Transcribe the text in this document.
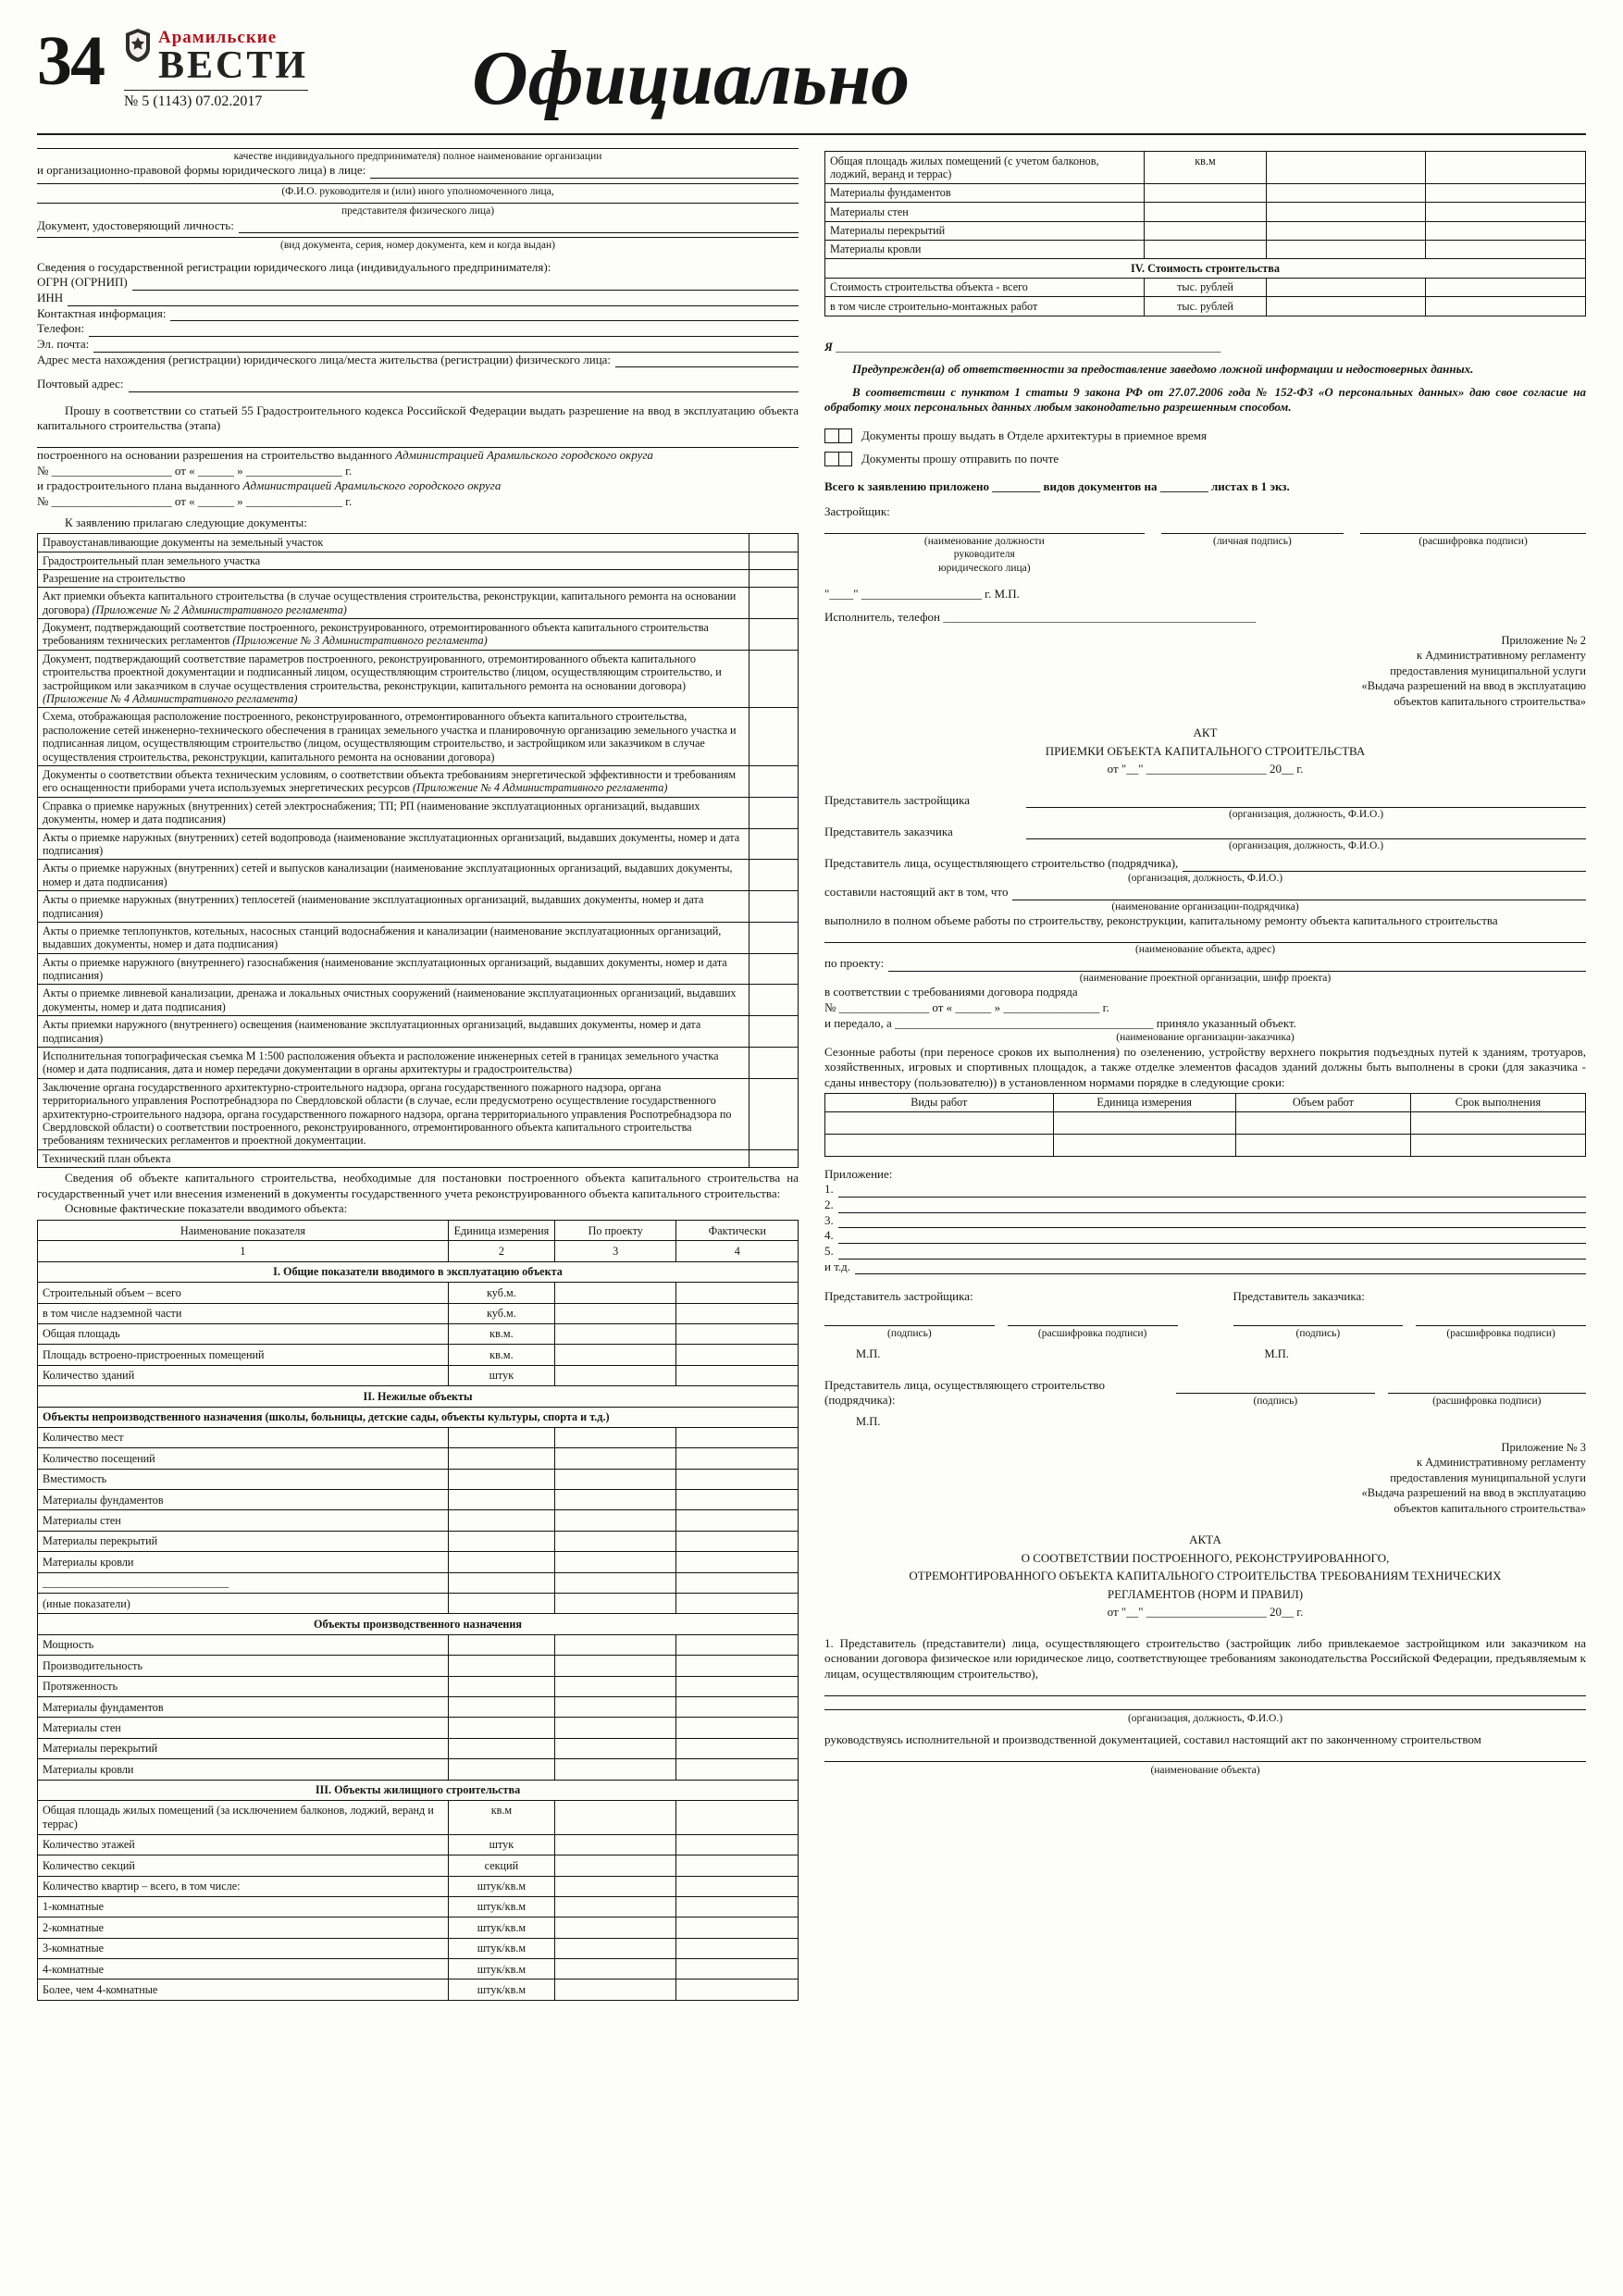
34	Арамильские
ВЕСТИ
№ 5 (1143) 07.02.2017	Официально
качестве индивидуального предпринимателя) полное наименование организации
и организационно-правовой формы юридического лица) в лице:
(Ф.И.О. руководителя и (или) иного уполномоченного лица,
представителя физического лица)
Документ, удостоверяющий личность:
(вид документа, серия, номер документа, кем и когда выдан)
Сведения о государственной регистрации юридического лица (индивидуального предпринимателя):
ОГРН (ОГРНИП)
ИНН
Контактная информация:
Телефон:
Эл. почта:
Адрес места нахождения (регистрации) юридического лица/места жительства (регистрации) физического лица:
Почтовый адрес:
Прошу в соответствии со статьей 55 Градостроительного кодекса Российской Федерации выдать разрешение на ввод в эксплуатацию объекта капитального строительства (этапа)
построенного на основании разрешения на строительство выданного Администрацией Арамильского городского округа
№ ____________________ от « ______ » ________________ г.
и градостроительного плана выданного Администрацией Арамильского городского округа
№ ____________________ от « ______ » ________________ г.
К заявлению прилагаю следующие документы:
Правоустанавливающие документы на земельный участок	
Градостроительный план земельного участка	
Разрешение на строительство	
Акт приемки объекта капитального строительства (в случае осуществления строительства, реконструкции, капитального ремонта на основании договора) (Приложение № 2 Административного регламента)	
Документ, подтверждающий соответствие построенного, реконструированного, отремонтированного объекта капитального строительства требованиям технических регламентов (Приложение № 3 Административного регламента)	
Документ, подтверждающий соответствие параметров построенного, реконструированного, отремонтированного объекта капитального строительства проектной документации и подписанный лицом, осуществляющим строительство (лицом, осуществляющим строительство, и застройщиком или заказчиком в случае осуществления строительства, реконструкции, капитального ремонта на основании договора) (Приложение № 4 Административного регламента)	
Схема, отображающая расположение построенного, реконструированного, отремонтированного объекта капитального строительства, расположение сетей инженерно-технического обеспечения в границах земельного участка и планировочную организацию земельного участка и подписанная лицом, осуществляющим строительство (лицом, осуществляющим строительство, и застройщиком или заказчиком в случае осуществления строительства, реконструкции, капитального ремонта на основании договора)	
Документы о соответствии объекта техническим условиям, о соответствии объекта требованиям энергетической эффективности и требованиям его оснащенности приборами учета используемых энергетических ресурсов (Приложение № 4 Административного регламента)	
Справка о приемке наружных (внутренних) сетей электроснабжения; ТП; РП (наименование эксплуатационных организаций, выдавших документы, номер и дата подписания)	
Акты о приемке наружных (внутренних) сетей водопровода (наименование эксплуатационных организаций, выдавших документы, номер и дата подписания)	
Акты о приемке наружных (внутренних) сетей и выпусков канализации (наименование эксплуатационных организаций, выдавших документы, номер и дата подписания)	
Акты о приемке наружных (внутренних) теплосетей (наименование эксплуатационных организаций, выдавших документы, номер и дата подписания)	
Акты о приемке теплопунктов, котельных, насосных станций водоснабжения и канализации (наименование эксплуатационных организаций, выдавших документы, номер и дата подписания)	
Акты о приемке наружного (внутреннего) газоснабжения (наименование эксплуатационных организаций, выдавших документы, номер и дата подписания)	
Акты о приемке ливневой канализации, дренажа и локальных очистных сооружений (наименование эксплуатационных организаций, выдавших документы, номер и дата подписания)	
Акты приемки наружного (внутреннего) освещения (наименование эксплуатационных организаций, выдавших документы, номер и дата подписания)	
Исполнительная топографическая съемка М 1:500 расположения объекта и расположение инженерных сетей в границах земельного участка (номер и дата подписания, дата и номер передачи документации в органы архитектуры и градостроительства)	
Заключение органа государственного архитектурно-строительного надзора, органа государственного пожарного надзора, органа территориального управления Роспотребнадзора по Свердловской области (в случае, если предусмотрено осуществление государственного архитектурно-строительного надзора, органа государственного пожарного надзора, органа территориального управления Роспотребнадзора по Свердловской области) о соответствии построенного, реконструированного, отремонтированного объекта капитального строительства требованиям технических регламентов и проектной документации.	
Технический план объекта	
Сведения об объекте капитального строительства, необходимые для постановки построенного объекта капитального строительства на государственный учет или внесения изменений в документы государственного учета реконструированного объекта капитального строительства:
Основные фактические показатели вводимого объекта:
Наименование показателя	Единица измерения	По проекту	Фактически
1	2	3	4
I. Общие показатели вводимого в эксплуатацию объекта			
Строительный объем – всего	куб.м.		
в том числе надземной части	куб.м.		
Общая площадь	кв.м.		
Площадь встроено-пристроенных помещений	кв.м.		
Количество зданий	штук		
II. Нежилые объекты			
Объекты непроизводственного назначения (школы, больницы, детские сады, объекты культуры, спорта и т.д.)			
Количество мест			
Количество посещений			
Вместимость			
Материалы фундаментов			
Материалы стен			
Материалы перекрытий			
Материалы кровли			
_________________________________			
(иные показатели)			
Объекты производственного назначения			
Мощность			
Производительность			
Протяженность			
Материалы фундаментов			
Материалы стен			
Материалы перекрытий			
Материалы кровли			
III. Объекты жилищного строительства			
Общая площадь жилых помещений (за исключением балконов, лоджий, веранд и террас)	кв.м		
Количество этажей	штук		
Количество секций	секций		
Количество квартир – всего, в том числе:	штук/кв.м		
1-комнатные	штук/кв.м		
2-комнатные	штук/кв.м		
3-комнатные	штук/кв.м		
4-комнатные	штук/кв.м		
Более, чем 4-комнатные	штук/кв.м		
Общая площадь жилых помещений (с учетом балконов, лоджий, веранд и террас)	кв.м		
Материалы фундаментов			
Материалы стен			
Материалы перекрытий			
Материалы кровли			
IV. Стоимость строительства			
Стоимость строительства объекта - всего	тыс. рублей		
в том числе строительно-монтажных работ	тыс. рублей		
Я ________________________________________________________________
Предупрежден(а) об ответственности за предоставление заведомо ложной информации и недостоверных данных.
В соответствии с пунктом 1 статьи 9 закона РФ от 27.07.2006 года № 152-ФЗ «О персональных данных» даю свое согласие на обработку моих персональных данных любым законодательно разрешенным способом.
Документы прошу выдать в Отделе архитектуры в приемное время
Документы прошу отправить по почте
Всего к заявлению приложено ________ видов документов на ________ листах в 1 экз.
Застройщик:
(наименование должности
руководителя
юридического лица)
(личная подпись)	(расшифровка подписи)
"____" ____________________ г. М.П.
Исполнитель, телефон ____________________________________________________
Приложение № 2
к Административному регламенту
предоставления муниципальной услуги
«Выдача разрешений на ввод в эксплуатацию
объектов капитального строительства»
АКТ
ПРИЕМКИ ОБЪЕКТА КАПИТАЛЬНОГО СТРОИТЕЛЬСТВА
от "__" ____________________ 20__ г.
Представитель застройщика
(организация, должность, Ф.И.О.)
Представитель заказчика
(организация, должность, Ф.И.О.)
Представитель лица, осуществляющего строительство (подрядчика),
(организация, должность, Ф.И.О.)
составили настоящий акт в том, что
(наименование организации-подрядчика)
выполнило в полном объеме работы по строительству, реконструкции, капитальному ремонту объекта капитального строительства
(наименование объекта, адрес)
по проекту:
(наименование проектной организации, шифр проекта)
в соответствии с требованиями договора подряда
№ _______________ от « ______ » ________________ г.
и передало, а ___________________________________________ приняло указанный объект.
(наименование организации-заказчика)
Сезонные работы (при переносе сроков их выполнения) по озеленению, устройству верхнего покрытия подъездных путей к зданиям, тротуаров, хозяйственных, игровых и спортивных площадок, а также отделке элементов фасадов зданий должны быть выполнены в сроки (для заказчика - сданы инвестору (пользователю)) в установленном нормами порядке в следующие сроки:
Виды работ	Единица измерения	Объем работ	Срок выполнения

Приложение:
1.
2.
3.
4.
5.
и т.д.
Представитель застройщика:
(подпись)	(расшифровка подписи)
М.П.
Представитель заказчика:
(подпись)	(расшифровка подписи)
М.П.
Представитель лица, осуществляющего строительство (подрядчика):	(подпись)	(расшифровка подписи)
М.П.
Приложение № 3
к Административному регламенту
предоставления муниципальной услуги
«Выдача разрешений на ввод в эксплуатацию
объектов капитального строительства»
АКТА
О СООТВЕТСТВИИ ПОСТРОЕННОГО, РЕКОНСТРУИРОВАННОГО,
ОТРЕМОНТИРОВАННОГО ОБЪЕКТА КАПИТАЛЬНОГО СТРОИТЕЛЬСТВА ТРЕБОВАНИЯМ ТЕХНИЧЕСКИХ
РЕГЛАМЕНТОВ (НОРМ И ПРАВИЛ)
от "__" ____________________ 20__ г.
1. Представитель (представители) лица, осуществляющего строительство (застройщик либо привлекаемое застройщиком или заказчиком на основании договора физическое или юридическое лицо, соответствующее требованиям законодательства Российской Федерации, предъявляемым к лицам, осуществляющим строительство),
(организация, должность, Ф.И.О.)
руководствуясь исполнительной и производственной документацией, составил настоящий акт по законченному строительством
(наименование объекта)
